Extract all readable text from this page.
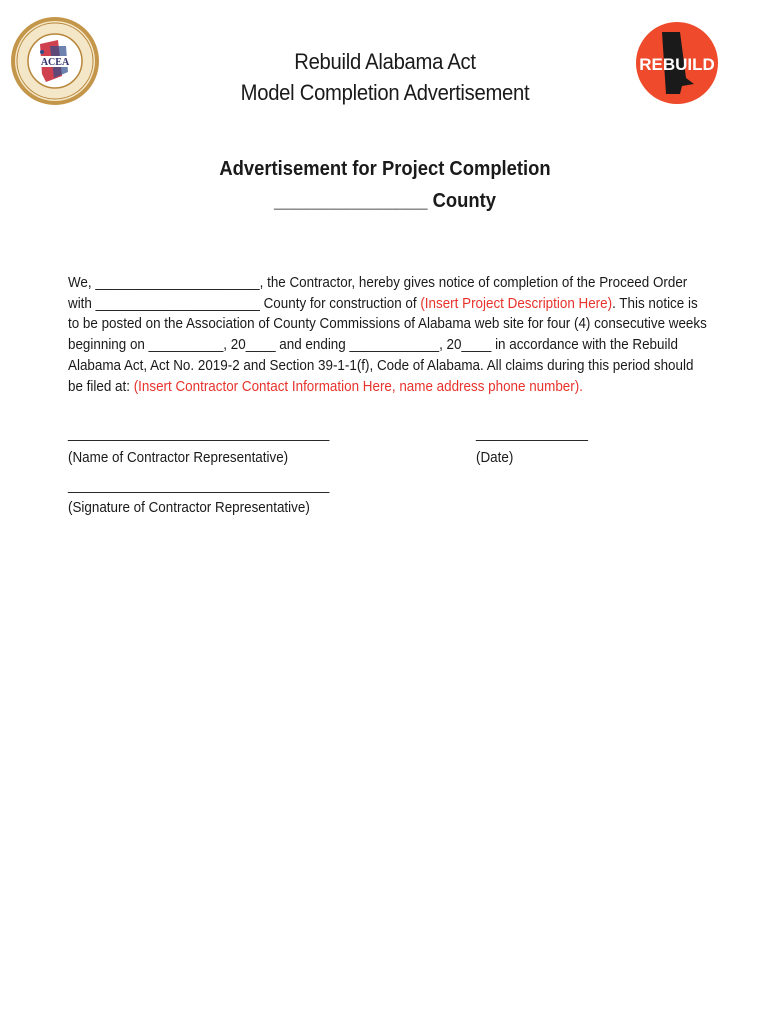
ACEA	REBUILD
Rebuild Alabama Act
Model Completion Advertisement
Advertisement for Project Completion
_______________ County
We, ______________________, the Contractor, hereby gives notice of completion of the Proceed Order with ______________________ County for construction of (Insert Project Description Here). This notice is to be posted on the Association of County Commissions of Alabama web site for four (4) consecutive weeks beginning on __________, 20____ and ending ____________, 20____ in accordance with the Rebuild Alabama Act, Act No. 2019-2 and Section 39-1-1(f), Code of Alabama. All claims during this period should be filed at: (Insert Contractor Contact Information Here, name address phone number).
___________________________________
(Name of Contractor Representative)
_______________
(Date)
___________________________________
(Signature of Contractor Representative)
